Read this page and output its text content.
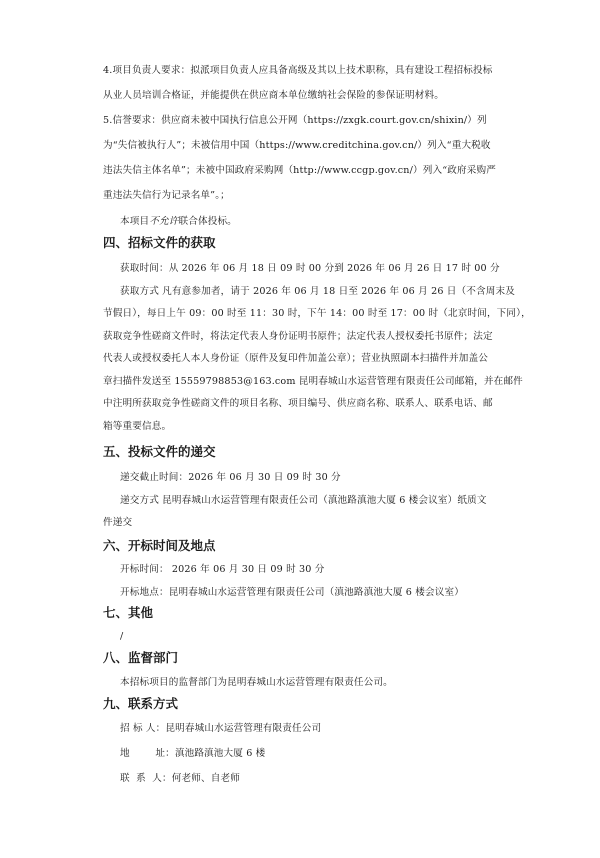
4.项目负责人要求：拟派项目负责人应具备高级及其以上技术职称，具有建设工程招标投标
从业人员培训合格证，并能提供在供应商本单位缴纳社会保险的参保证明材料。
5.信誉要求：供应商未被中国执行信息公开网（https://zxgk.court.gov.cn/shixin/）列
为“失信被执行人”；未被信用中国（https://www.creditchina.gov.cn/）列入“重大税收
违法失信主体名单”；未被中国政府采购网（http://www.ccgp.gov.cn/）列入“政府采购严
重违法失信行为记录名单”。；
本项目不允许联合体投标。
四、招标文件的获取
获取时间：从 2026 年 06 月 18 日 09 时 00 分到 2026 年 06 月 26 日 17 时 00 分
获取方式 凡有意参加者，请于 2026 年 06 月 18 日至 2026 年 06 月 26 日（不含周末及
节假日），每日上午 09：00 时至 11：30 时，下午 14：00 时至 17：00 时（北京时间，下同），
获取竞争性磋商文件时，将法定代表人身份证明书原件；法定代表人授权委托书原件；法定
代表人或授权委托人本人身份证（原件及复印件加盖公章）；营业执照副本扫描件并加盖公
章扫描件发送至 15559798853@163.com 昆明春城山水运营管理有限责任公司邮箱，并在邮件
中注明所获取竞争性磋商文件的项目名称、项目编号、供应商名称、联系人、联系电话、邮
箱等重要信息。
五、投标文件的递交
递交截止时间：2026 年 06 月 30 日 09 时 30 分
递交方式 昆明春城山水运营管理有限责任公司（滇池路滇池大厦 6 楼会议室）纸质文
件递交
六、开标时间及地点
开标时间： 2026 年 06 月 30 日 09 时 30 分
开标地点：昆明春城山水运营管理有限责任公司（滇池路滇池大厦 6 楼会议室）
七、其他
/
八、监督部门
本招标项目的监督部门为昆明春城山水运营管理有限责任公司。
九、联系方式
招 标 人：昆明春城山水运营管理有限责任公司
地        址：滇池路滇池大厦 6 楼
联  系  人：何老师、自老师
